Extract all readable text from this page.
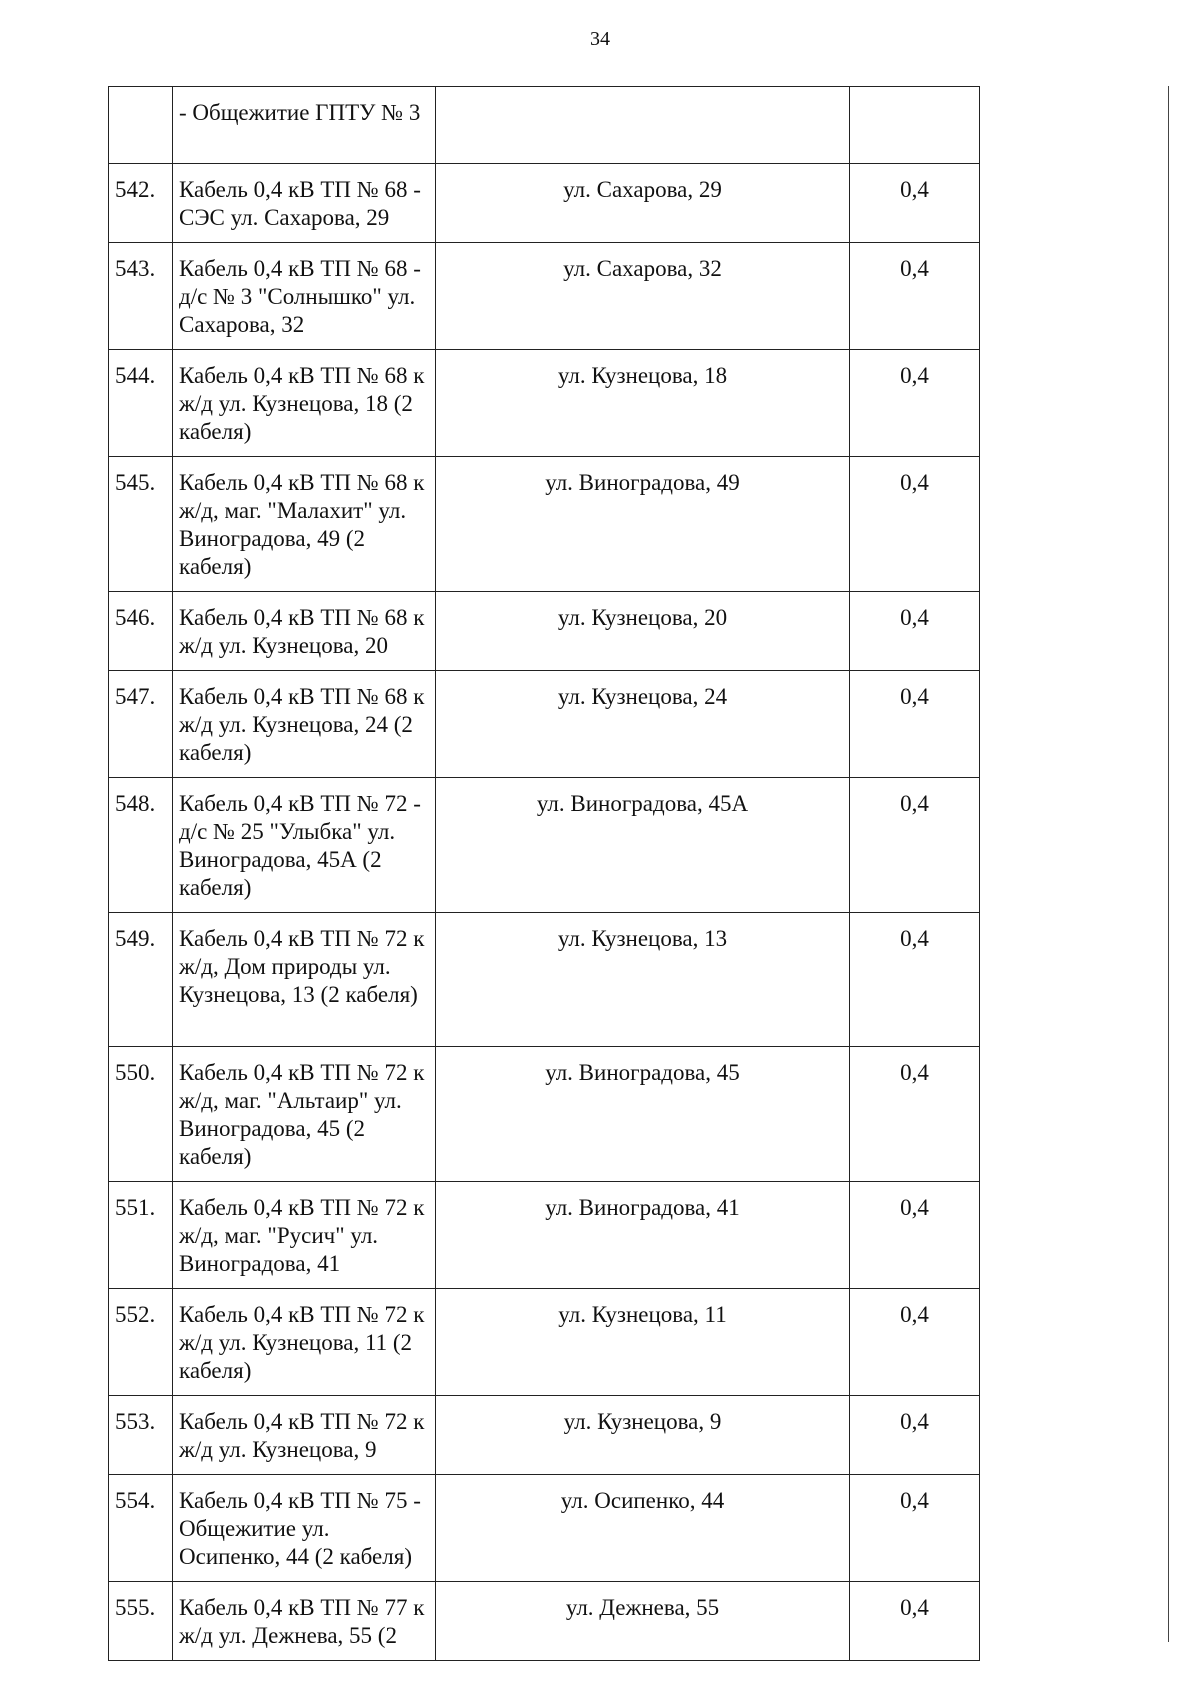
34
	- Общежитие ГПТУ № 3		
542.	Кабель 0,4 кВ ТП № 68 - СЭС ул. Сахарова, 29	ул. Сахарова, 29	0,4
543.	Кабель 0,4 кВ ТП № 68 - д/с № 3 "Солнышко" ул. Сахарова, 32	ул. Сахарова, 32	0,4
544.	Кабель 0,4 кВ ТП № 68 к ж/д ул. Кузнецова, 18 (2 кабеля)	ул. Кузнецова, 18	0,4
545.	Кабель 0,4 кВ ТП № 68 к ж/д, маг. "Малахит" ул. Виноградова, 49 (2 кабеля)	ул. Виноградова, 49	0,4
546.	Кабель 0,4 кВ ТП № 68 к ж/д ул. Кузнецова, 20	ул. Кузнецова, 20	0,4
547.	Кабель 0,4 кВ ТП № 68 к ж/д ул. Кузнецова, 24 (2 кабеля)	ул. Кузнецова, 24	0,4
548.	Кабель 0,4 кВ ТП № 72 - д/с № 25 "Улыбка" ул. Виноградова, 45А (2 кабеля)	ул. Виноградова, 45А	0,4
549.	Кабель 0,4 кВ ТП № 72 к ж/д, Дом природы ул. Кузнецова, 13 (2 кабеля)	ул. Кузнецова, 13	0,4
550.	Кабель 0,4 кВ ТП № 72 к ж/д, маг. "Альтаир" ул. Виноградова, 45 (2 кабеля)	ул. Виноградова, 45	0,4
551.	Кабель 0,4 кВ ТП № 72 к ж/д, маг. "Русич" ул. Виноградова, 41	ул. Виноградова, 41	0,4
552.	Кабель 0,4 кВ ТП № 72 к ж/д ул. Кузнецова, 11 (2 кабеля)	ул. Кузнецова, 11	0,4
553.	Кабель 0,4 кВ ТП № 72 к ж/д ул. Кузнецова, 9	ул. Кузнецова, 9	0,4
554.	Кабель 0,4 кВ ТП № 75 - Общежитие ул. Осипенко, 44 (2 кабеля)	ул. Осипенко, 44	0,4
555.	Кабель 0,4 кВ ТП № 77 к ж/д ул. Дежнева, 55 (2	ул. Дежнева, 55	0,4
